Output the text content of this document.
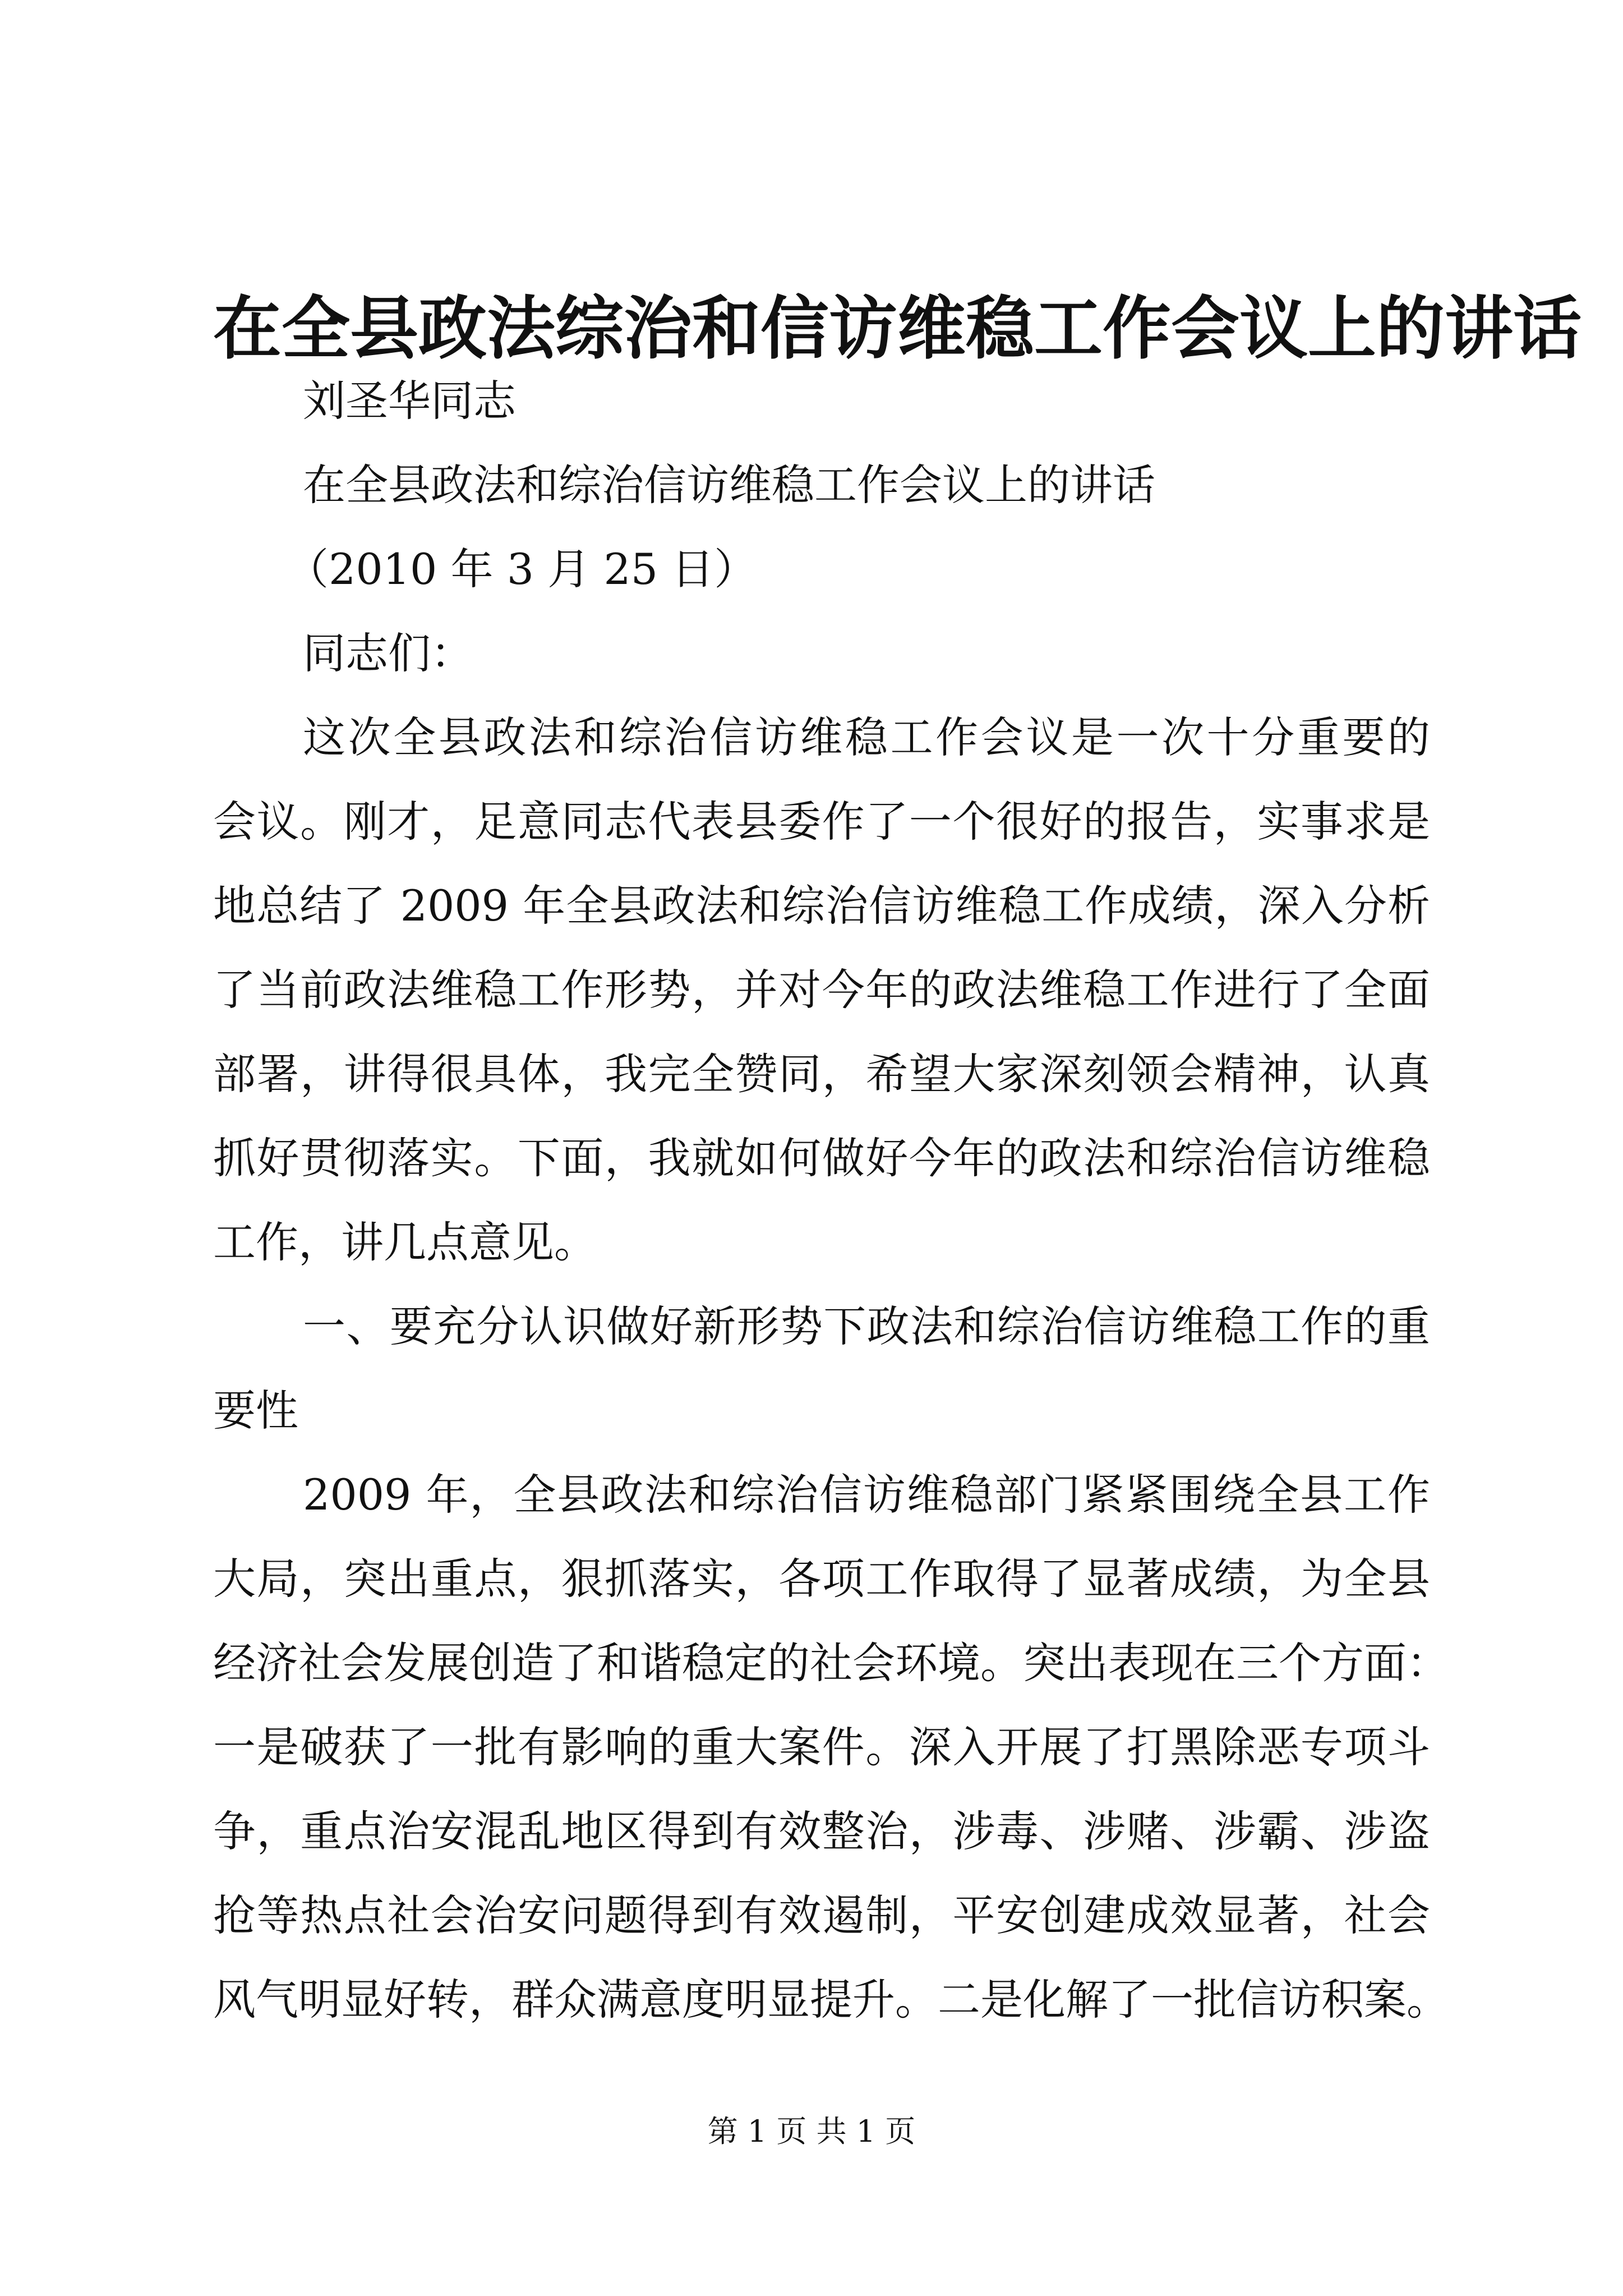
在全县政法综治和信访维稳工作会议上的讲话
刘圣华同志
在全县政法和综治信访维稳工作会议上的讲话
（2010 年 3 月 25 日）
同志们：
这次全县政法和综治信访维稳工作会议是一次十分重要的
会议。刚才，足意同志代表县委作了一个很好的报告，实事求是
地总结了 2009 年全县政法和综治信访维稳工作成绩，深入分析
了当前政法维稳工作形势，并对今年的政法维稳工作进行了全面
部署，讲得很具体，我完全赞同，希望大家深刻领会精神，认真
抓好贯彻落实。下面，我就如何做好今年的政法和综治信访维稳
工作，讲几点意见。
一、要充分认识做好新形势下政法和综治信访维稳工作的重
要性
2009 年，全县政法和综治信访维稳部门紧紧围绕全县工作
大局，突出重点，狠抓落实，各项工作取得了显著成绩，为全县
经济社会发展创造了和谐稳定的社会环境。突出表现在三个方面：
一是破获了一批有影响的重大案件。深入开展了打黑除恶专项斗
争，重点治安混乱地区得到有效整治，涉毒、涉赌、涉霸、涉盗
抢等热点社会治安问题得到有效遏制，平安创建成效显著，社会
风气明显好转，群众满意度明显提升。二是化解了一批信访积案。
第 1 页 共 1 页
